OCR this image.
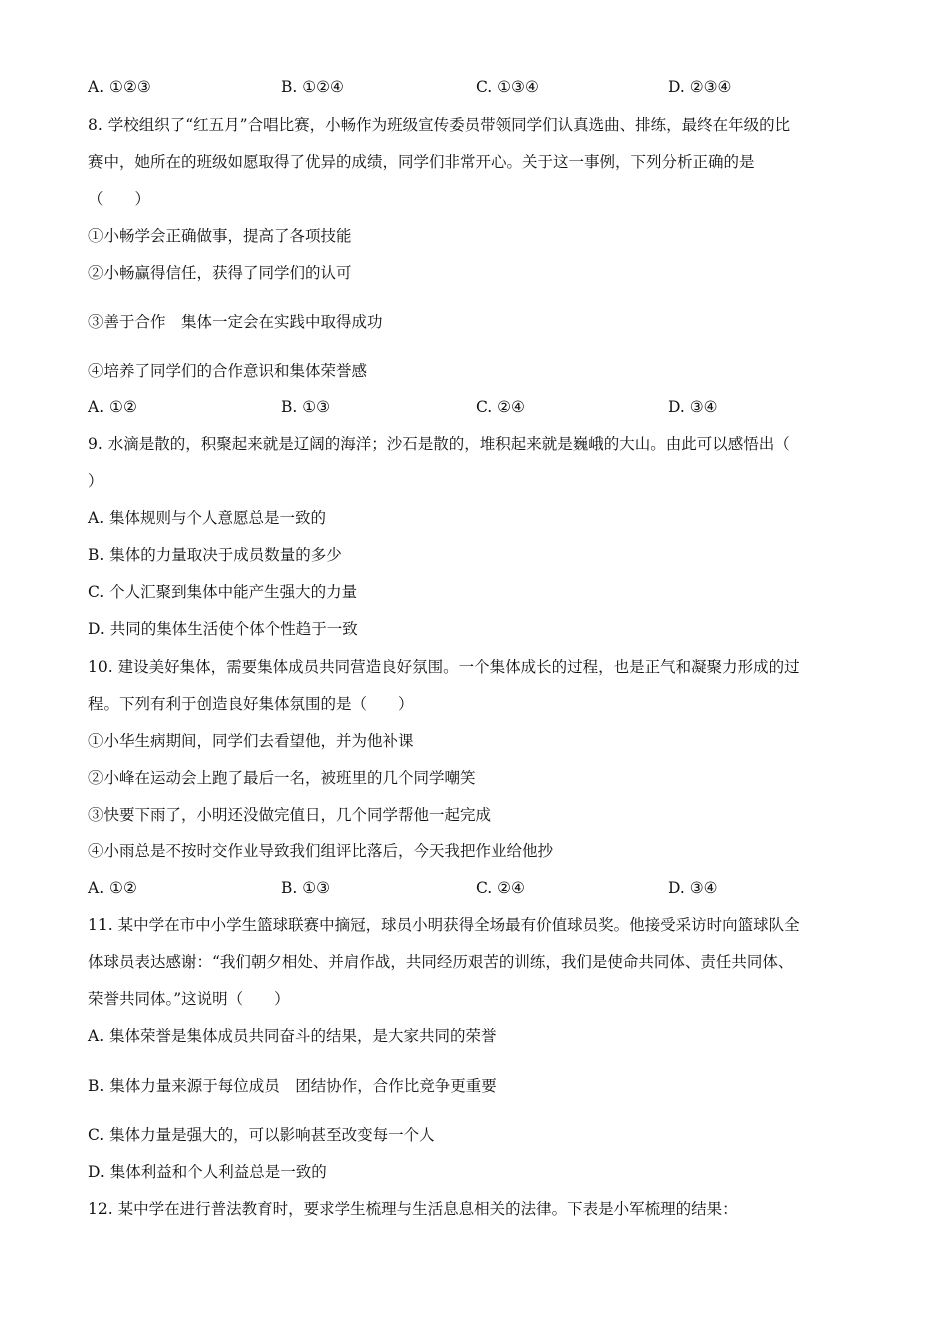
A. ①②③	B. ①②④	C. ①③④	D. ②③④
8. 学校组织了“红五月”合唱比赛，小畅作为班级宣传委员带领同学们认真选曲、排练，最终在年级的比
赛中，她所在的班级如愿取得了优异的成绩，同学们非常开心。关于这一事例，下列分析正确的是
（　　）
①小畅学会正确做事，提高了各项技能
②小畅赢得信任，获得了同学们的认可
③善于合作　集体一定会在实践中取得成功
④培养了同学们的合作意识和集体荣誉感
A. ①②	B. ①③	C. ②④	D. ③④
9. 水滴是散的，积聚起来就是辽阔的海洋；沙石是散的，堆积起来就是巍峨的大山。由此可以感悟出（
）
A. 集体规则与个人意愿总是一致的
B. 集体的力量取决于成员数量的多少
C. 个人汇聚到集体中能产生强大的力量
D. 共同的集体生活使个体个性趋于一致
10. 建设美好集体，需要集体成员共同营造良好氛围。一个集体成长的过程，也是正气和凝聚力形成的过
程。下列有利于创造良好集体氛围的是（　　）
①小华生病期间，同学们去看望他，并为他补课
②小峰在运动会上跑了最后一名，被班里的几个同学嘲笑
③快要下雨了，小明还没做完值日，几个同学帮他一起完成
④小雨总是不按时交作业导致我们组评比落后，今天我把作业给他抄
A. ①②	B. ①③	C. ②④	D. ③④
11. 某中学在市中小学生篮球联赛中摘冠，球员小明获得全场最有价值球员奖。他接受采访时向篮球队全
体球员表达感谢：“我们朝夕相处、并肩作战，共同经历艰苦的训练，我们是使命共同体、责任共同体、
荣誉共同体。”这说明（　　）
A. 集体荣誉是集体成员共同奋斗的结果，是大家共同的荣誉
B. 集体力量来源于每位成员　团结协作，合作比竞争更重要
C. 集体力量是强大的，可以影响甚至改变每一个人
D. 集体利益和个人利益总是一致的
12. 某中学在进行普法教育时，要求学生梳理与生活息息相关的法律。下表是小军梳理的结果：
